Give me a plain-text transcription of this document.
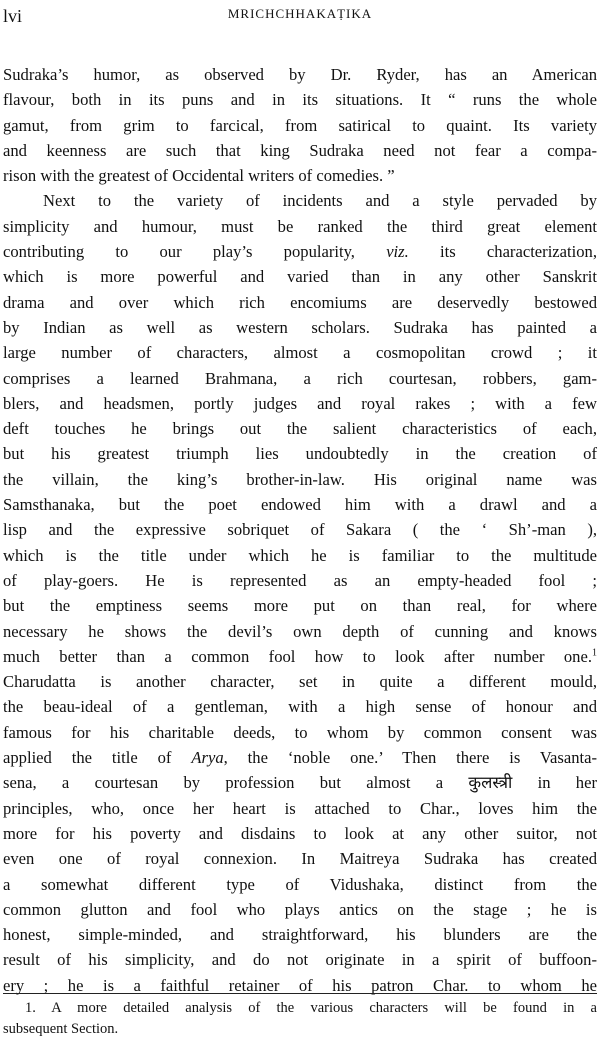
lvi	MRICHCHHAKAṬIKA
Sudraka’s humor, as observed by Dr. Ryder, has an American
flavour, both in its puns and in its situations. It “ runs the whole
gamut, from grim to farcical, from satirical to quaint. Its variety
and keenness are such that king Sudraka need not fear a compa-
rison with the greatest of Occidental writers of comedies. ”
Next to the variety of incidents and a style pervaded by
simplicity and humour, must be ranked the third great element
contributing to our play’s popularity, viz. its characterization,
which is more powerful and varied than in any other Sanskrit
drama and over which rich encomiums are deservedly bestowed
by Indian as well as western scholars. Sudraka has painted a
large number of characters, almost a cosmopolitan crowd ; it
comprises a learned Brahmana, a rich courtesan, robbers, gam-
blers, and headsmen, portly judges and royal rakes ; with a few
deft touches he brings out the salient characteristics of each,
but his greatest triumph lies undoubtedly in the creation of
the villain, the king’s brother-in-law. His original name was
Samsthanaka, but the poet endowed him with a drawl and a
lisp and the expressive sobriquet of Sakara ( the ‘ Sh’-man ),
which is the title under which he is familiar to the multitude
of play-goers. He is represented as an empty-headed fool ;
but the emptiness seems more put on than real, for where
necessary he shows the devil’s own depth of cunning and knows
much better than a common fool how to look after number one.$^1$
Charudatta is another character, set in quite a different mould,
the beau-ideal of a gentleman, with a high sense of honour and
famous for his charitable deeds, to whom by common consent was
applied the title of Arya, the ‘noble one.’ Then there is Vasanta-
sena, a courtesan by profession but almost a कुलस्त्री in her
principles, who, once her heart is attached to Char., loves him the
more for his poverty and disdains to look at any other suitor, not
even one of royal connexion. In Maitreya Sudraka has created
a somewhat different type of Vidushaka, distinct from the
common glutton and fool who plays antics on the stage ; he is
honest, simple-minded, and straightforward, his blunders are the
result of his simplicity, and do not originate in a spirit of buffoon-
ery ; he is a faithful retainer of his patron Char. to whom he
1. A more detailed analysis of the various characters will be found in a
subsequent Section.
